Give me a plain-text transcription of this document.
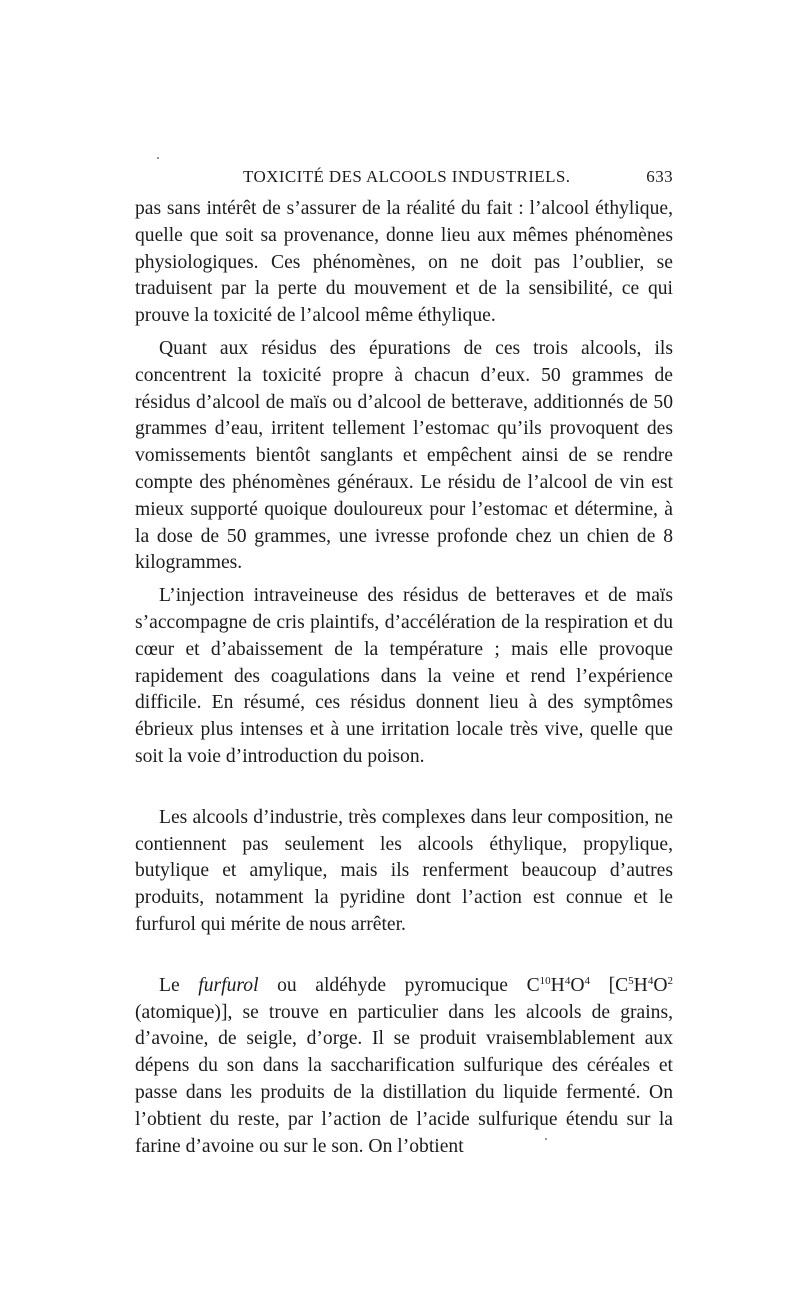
TOXICITÉ DES ALCOOLS INDUSTRIELS.	633

pas sans intérêt de s’assurer de la réalité du fait : l’alcool éthylique, quelle que soit sa provenance, donne lieu aux mêmes phénomènes physiologiques. Ces phénomènes, on ne doit pas l’oublier, se traduisent par la perte du mouvement et de la sensibilité, ce qui prouve la toxicité de l’alcool même éthylique.

Quant aux résidus des épurations de ces trois alcools, ils concentrent la toxicité propre à chacun d’eux. 50 grammes de résidus d’alcool de maïs ou d’alcool de betterave, additionnés de 50 grammes d’eau, irritent tellement l’estomac qu’ils provoquent des vomissements bientôt sanglants et empêchent ainsi de se rendre compte des phénomènes généraux. Le résidu de l’alcool de vin est mieux supporté quoique douloureux pour l’estomac et détermine, à la dose de 50 grammes, une ivresse profonde chez un chien de 8 kilogrammes.

L’injection intraveineuse des résidus de betteraves et de maïs s’accompagne de cris plaintifs, d’accélération de la respiration et du cœur et d’abaissement de la température ; mais elle provoque rapidement des coagulations dans la veine et rend l’expérience difficile. En résumé, ces résidus donnent lieu à des symptômes ébrieux plus intenses et à une irritation locale très vive, quelle que soit la voie d’introduction du poison.

Les alcools d’industrie, très complexes dans leur composition, ne contiennent pas seulement les alcools éthylique, propylique, butylique et amylique, mais ils renferment beaucoup d’autres produits, notamment la pyridine dont l’action est connue et le furfurol qui mérite de nous arrêter.

Le furfurol ou aldéhyde pyromucique $C^{10}H^4O^4$ [$C^5H^4O^2$ (atomique)], se trouve en particulier dans les alcools de grains, d’avoine, de seigle, d’orge. Il se produit vraisemblablement aux dépens du son dans la saccharification sulfurique des céréales et passe dans les produits de la distillation du liquide fermenté. On l’obtient du reste, par l’action de l’acide sulfurique étendu sur la farine d’avoine ou sur le son. On l’obtient
